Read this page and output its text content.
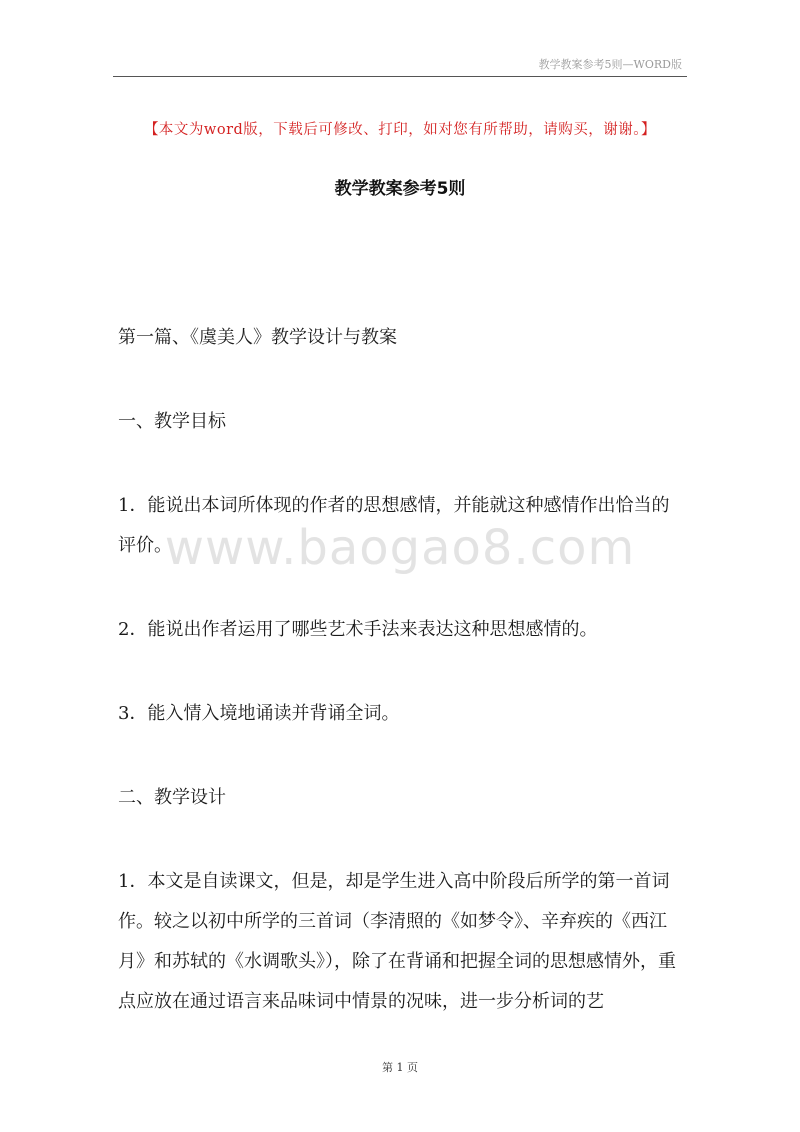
教学教案参考5则—WORD版
【本文为word版，下载后可修改、打印，如对您有所帮助，请购买，谢谢。】
教学教案参考5则

第一篇、《虞美人》教学设计与教案

一、教学目标

1．能说出本词所体现的作者的思想感情，并能就这种感情作出恰当的评价。

2．能说出作者运用了哪些艺术手法来表达这种思想感情的。

3．能入情入境地诵读并背诵全词。

二、教学设计

1．本文是自读课文，但是，却是学生进入高中阶段后所学的第一首词作。较之以初中所学的三首词（李清照的《如梦令》、辛弃疾的《西江月》和苏轼的《水调歌头》），除了在背诵和把握全词的思想感情外，重点应放在通过语言来品味词中情景的况味，进一步分析词的艺

www.baogao8.com
第 1 页
